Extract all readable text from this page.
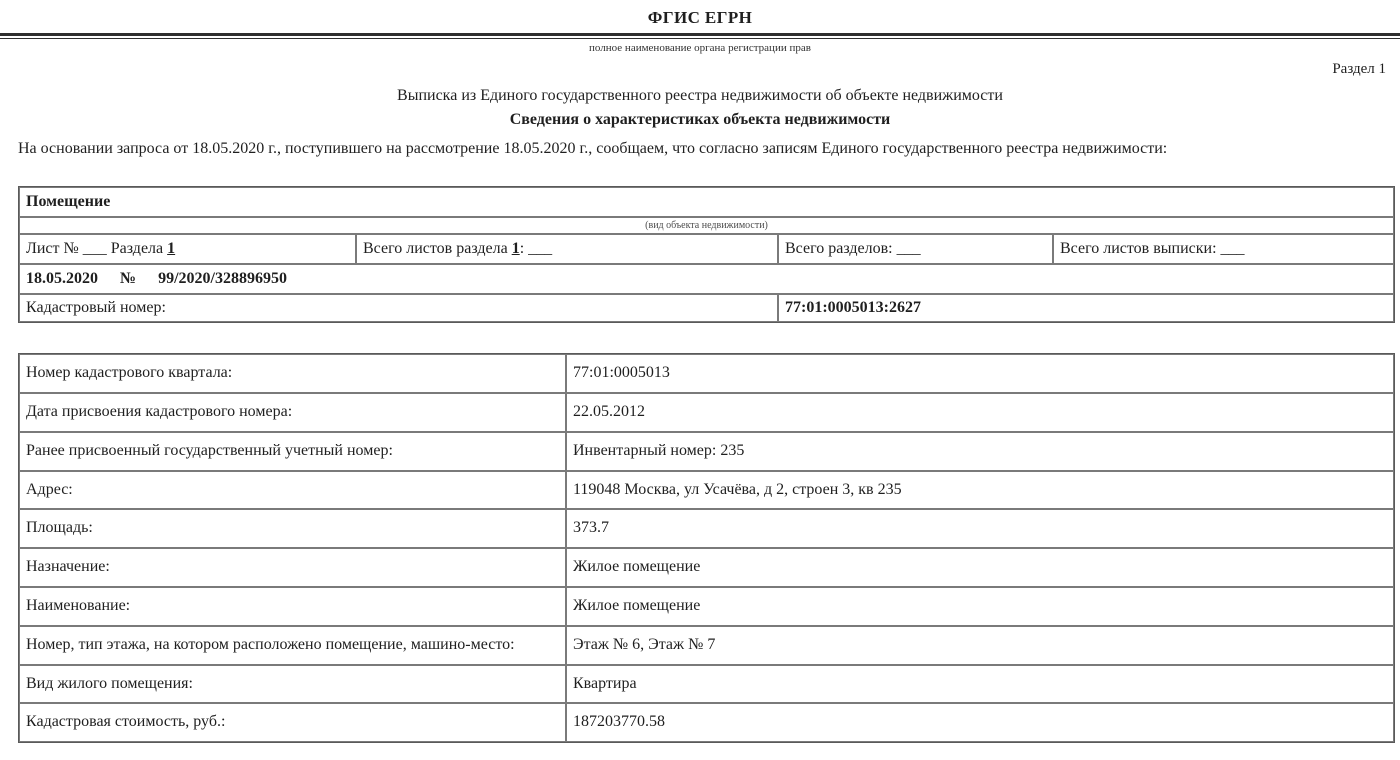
ФГИС ЕГРН
полное наименование органа регистрации прав
Раздел 1
Выписка из Единого государственного реестра недвижимости об объекте недвижимости
Сведения о характеристиках объекта недвижимости
На основании запроса от 18.05.2020 г., поступившего на рассмотрение 18.05.2020 г., сообщаем, что согласно записям Единого государственного реестра недвижимости:
Помещение			
(вид объекта недвижимости)			
Лист № ___ Раздела 1	Всего листов раздела 1: ___	Всего разделов: ___	Всего листов выписки: ___
18.05.2020 № 99/2020/328896950			
Кадастровый номер:		77:01:0005013:2627	
Номер кадастрового квартала:	77:01:0005013
Дата присвоения кадастрового номера:	22.05.2012
Ранее присвоенный государственный учетный номер:	Инвентарный номер: 235
Адрес:	119048 Москва, ул Усачёва, д 2, строен 3, кв 235
Площадь:	373.7
Назначение:	Жилое помещение
Наименование:	Жилое помещение
Номер, тип этажа, на котором расположено помещение, машино-место:	Этаж № 6, Этаж № 7
Вид жилого помещения:	Квартира
Кадастровая стоимость, руб.:	187203770.58
